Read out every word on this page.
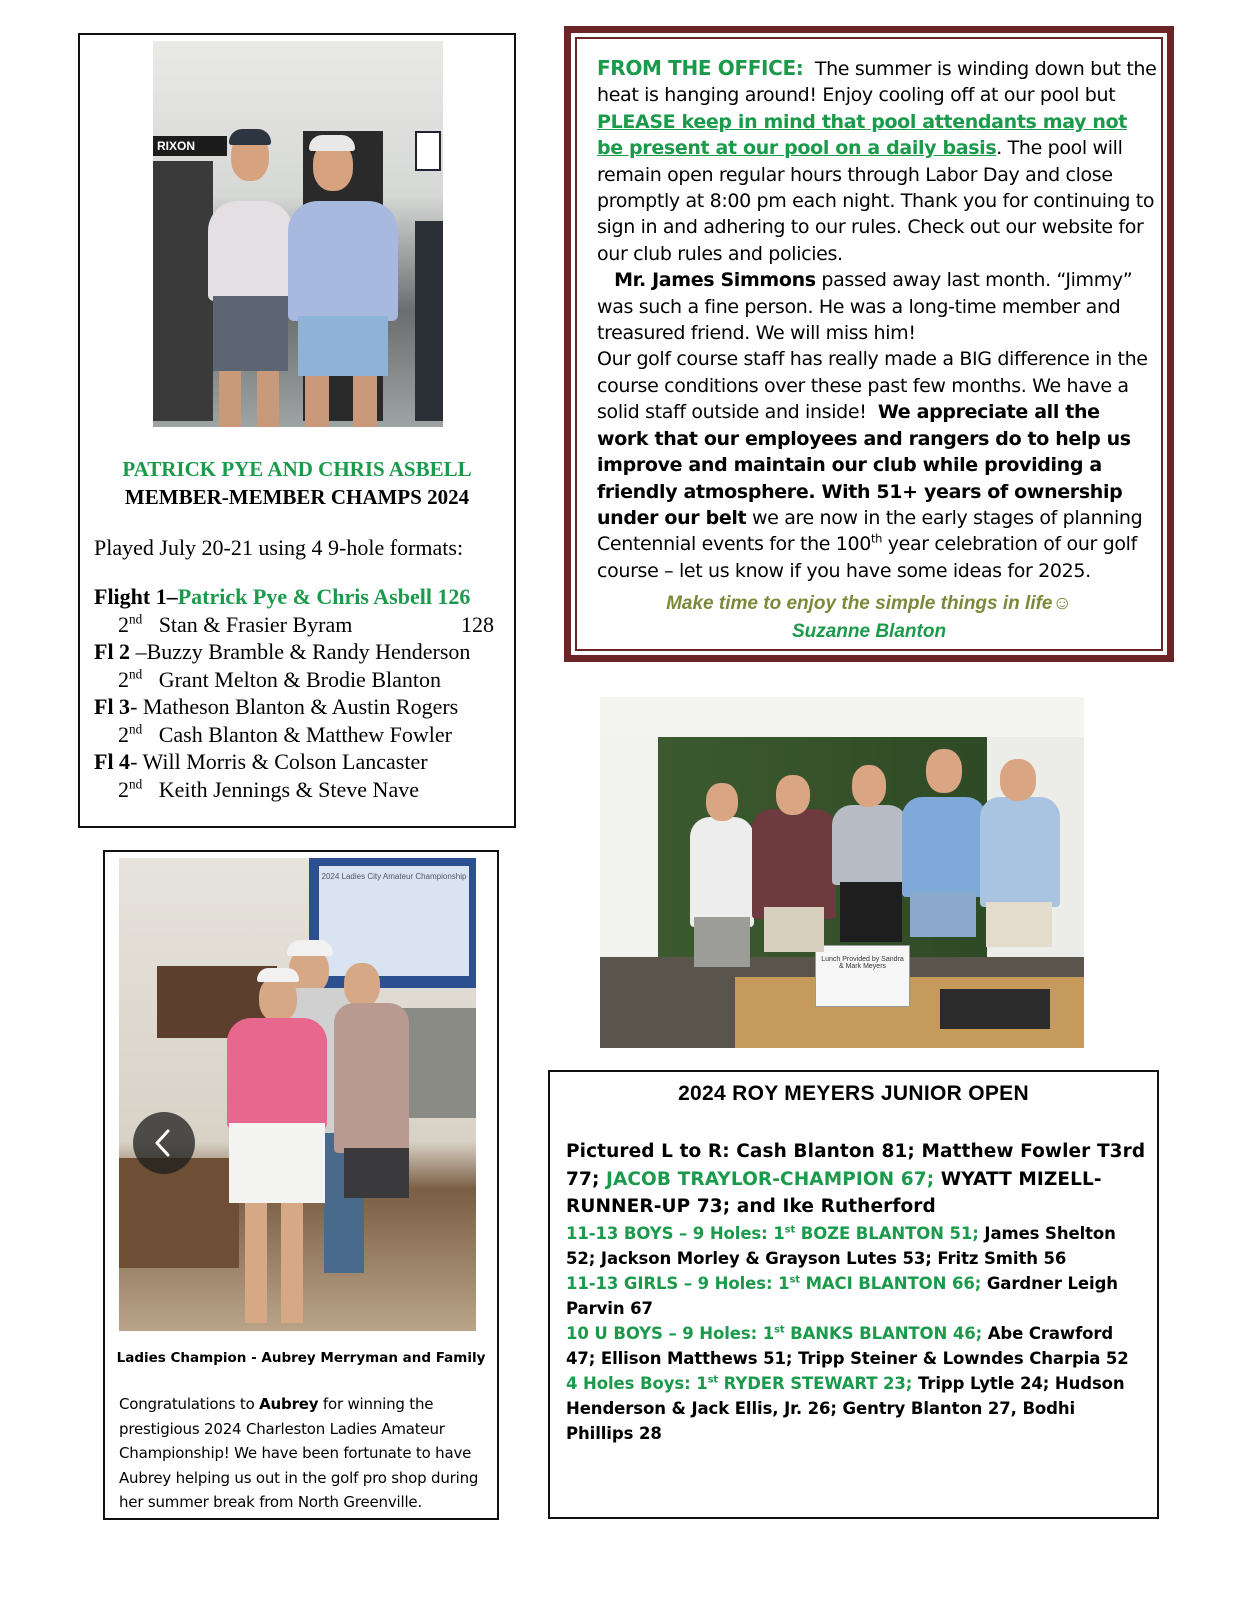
RIXON
PATRICK PYE AND CHRIS ASBELL
MEMBER-MEMBER CHAMPS 2024
Played July 20-21 using 4 9-hole formats:
Flight 1–Patrick Pye & Chris Asbell 126
2nd Stan & Frasier Byram	128
Fl 2 –Buzzy Bramble & Randy Henderson
2nd Grant Melton & Brodie Blanton
Fl 3- Matheson Blanton & Austin Rogers
2nd Cash Blanton & Matthew Fowler
Fl 4- Will Morris & Colson Lancaster
2nd Keith Jennings & Steve Nave
FROM THE OFFICE: The summer is winding down but the heat is hanging around! Enjoy cooling off at our pool but PLEASE keep in mind that pool attendants may not be present at our pool on a daily basis. The pool will remain open regular hours through Labor Day and close promptly at 8:00 pm each night. Thank you for continuing to sign in and adhering to our rules. Check out our website for our club rules and policies.
Mr. James Simmons passed away last month. “Jimmy” was such a fine person. He was a long-time member and treasured friend. We will miss him!
Our golf course staff has really made a BIG difference in the course conditions over these past few months. We have a solid staff outside and inside! We appreciate all the work that our employees and rangers do to help us improve and maintain our club while providing a friendly atmosphere. With 51+ years of ownership under our belt we are now in the early stages of planning Centennial events for the 100th year celebration of our golf course – let us know if you have some ideas for 2025.
Make time to enjoy the simple things in life☺
Suzanne Blanton
Lunch Provided by Sandra & Mark Meyers
2024 Ladies City Amateur Championship
Ladies Champion - Aubrey Merryman and Family
Congratulations to Aubrey for winning the prestigious 2024 Charleston Ladies Amateur Championship! We have been fortunate to have Aubrey helping us out in the golf pro shop during her summer break from North Greenville.
2024 ROY MEYERS JUNIOR OPEN
Pictured L to R: Cash Blanton 81; Matthew Fowler T3rd 77; JACOB TRAYLOR-CHAMPION 67; WYATT MIZELL-RUNNER-UP 73; and Ike Rutherford
11-13 BOYS – 9 Holes: 1st BOZE BLANTON 51; James Shelton 52; Jackson Morley & Grayson Lutes 53; Fritz Smith 56
11-13 GIRLS – 9 Holes: 1st MACI BLANTON 66; Gardner Leigh Parvin 67
10 U BOYS – 9 Holes: 1st BANKS BLANTON 46; Abe Crawford 47; Ellison Matthews 51; Tripp Steiner & Lowndes Charpia 52
4 Holes Boys: 1st RYDER STEWART 23; Tripp Lytle 24; Hudson Henderson & Jack Ellis, Jr. 26; Gentry Blanton 27, Bodhi Phillips 28
